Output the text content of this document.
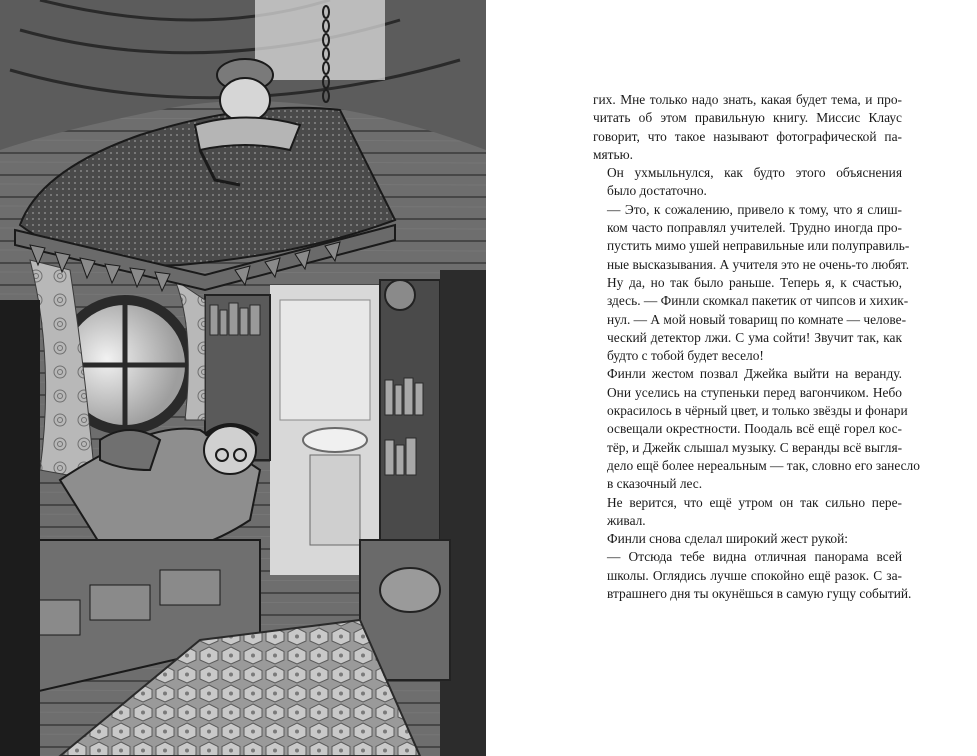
гих. Мне только надо знать, какая будет тема, и про-
читать об этом правильную книгу. Миссис Клаус
говорит, что такое называют фотографической па-
мятью.

Он ухмыльнулся, как будто этого объяснения
было достаточно.

— Это, к сожалению, привело к тому, что я слиш-
ком часто поправлял учителей. Трудно иногда про-
пустить мимо ушей неправильные или полуправиль-
ные высказывания. А учителя это не очень-то любят.
Ну да, но так было раньше. Теперь я, к счастью,
здесь. — Финли скомкал пакетик от чипсов и хихик-
нул. — А мой новый товарищ по комнате — челове-
ческий детектор лжи. С ума сойти! Звучит так, как
будто с тобой будет весело!

Финли жестом позвал Джейка выйти на веранду.
Они уселись на ступеньки перед вагончиком. Небо
окрасилось в чёрный цвет, и только звёзды и фонари
освещали окрестности. Поодаль всё ещё горел кос-
тёр, и Джейк слышал музыку. С веранды всё выгля-
дело ещё более нереальным — так, словно его занесло
в сказочный лес.

Не верится, что ещё утром он так сильно пере-
живал.

Финли снова сделал широкий жест рукой:

— Отсюда тебе видна отличная панорама всей
школы. Оглядись лучше спокойно ещё разок. С за-
втрашнего дня ты окунёшься в самую гущу событий.
